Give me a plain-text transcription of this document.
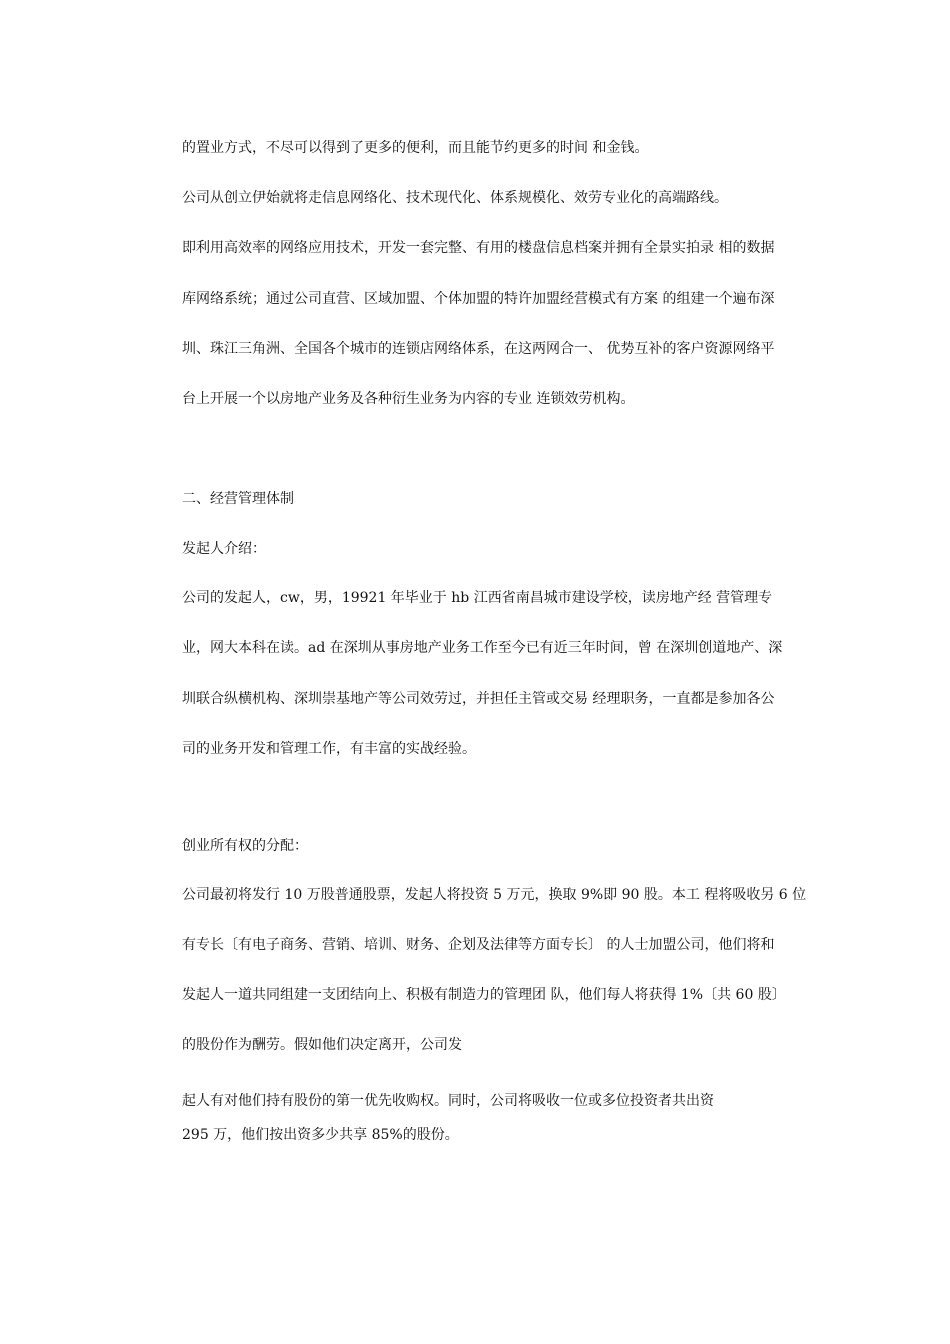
的置业方式，不尽可以得到了更多的便利，而且能节约更多的时间 和金钱。
公司从创立伊始就将走信息网络化、技术现代化、体系规模化、效劳专业化的高端路线。
即利用高效率的网络应用技术，开发一套完整、有用的楼盘信息档案并拥有全景实拍录 相的数据
库网络系统；通过公司直营、区域加盟、个体加盟的特许加盟经营模式有方案 的组建一个遍布深
圳、珠江三角洲、全国各个城市的连锁店网络体系，在这两网合一、 优势互补的客户资源网络平
台上开展一个以房地产业务及各种衍生业务为内容的专业 连锁效劳机构。
二、经营管理体制
发起人介绍：
公司的发起人，cw，男，19921 年毕业于 hb 江西省南昌城市建设学校，读房地产经 营管理专
业，网大本科在读。ad 在深圳从事房地产业务工作至今已有近三年时间，曾 在深圳创道地产、深
圳联合纵横机构、深圳崇基地产等公司效劳过，并担任主管或交易 经理职务，一直都是参加各公
司的业务开发和管理工作，有丰富的实战经验。
创业所有权的分配：
公司最初将发行 10 万股普通股票，发起人将投资 5 万元，换取 9%即 90 股。本工 程将吸收另 6 位
有专长〔有电子商务、营销、培训、财务、企划及法律等方面专长〕 的人士加盟公司，他们将和
发起人一道共同组建一支团结向上、积极有制造力的管理团 队，他们每人将获得 1%〔共 60 股〕
的股份作为酬劳。假如他们决定离开，公司发
起人有对他们持有股份的第一优先收购权。同时，公司将吸收一位或多位投资者共出资
295 万，他们按出资多少共享 85%的股份。
